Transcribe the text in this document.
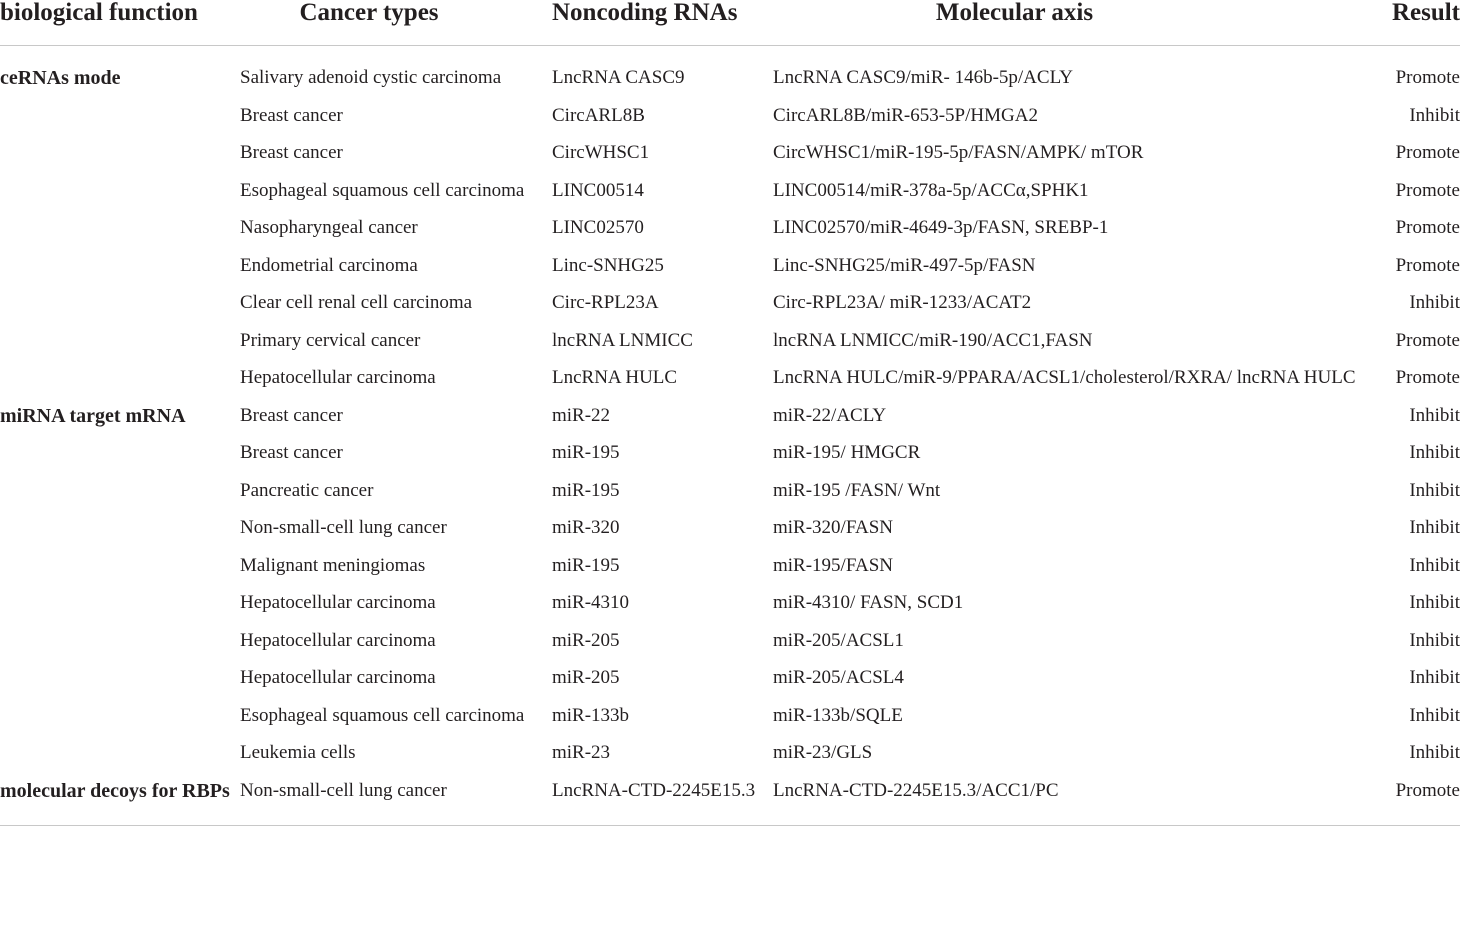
biological function	Cancer types	Noncoding RNAs	Molecular axis	Result
ceRNAs mode	Salivary adenoid cystic carcinoma	LncRNA CASC9	LncRNA CASC9/miR- 146b-5p/ACLY	Promote
	Breast cancer	CircARL8B	CircARL8B/miR-653-5P/HMGA2	Inhibit
	Breast cancer	CircWHSC1	CircWHSC1/miR-195-5p/FASN/AMPK/ mTOR	Promote
	Esophageal squamous cell carcinoma	LINC00514	LINC00514/miR-378a-5p/ACCα,SPHK1	Promote
	Nasopharyngeal cancer	LINC02570	LINC02570/miR-4649-3p/FASN, SREBP-1	Promote
	Endometrial carcinoma	Linc-SNHG25	Linc-SNHG25/miR-497-5p/FASN	Promote
	Clear cell renal cell carcinoma	Circ-RPL23A	Circ-RPL23A/ miR-1233/ACAT2	Inhibit
	Primary cervical cancer	lncRNA LNMICC	lncRNA LNMICC/miR-190/ACC1,FASN	Promote
	Hepatocellular carcinoma	LncRNA HULC	LncRNA HULC/miR-9/PPARA/ACSL1/cholesterol/RXRA/ lncRNA HULC	Promote
miRNA target mRNA	Breast cancer	miR-22	miR-22/ACLY	Inhibit
	Breast cancer	miR-195	miR-195/ HMGCR	Inhibit
	Pancreatic cancer	miR-195	miR-195 /FASN/ Wnt	Inhibit
	Non-small-cell lung cancer	miR-320	miR-320/FASN	Inhibit
	Malignant meningiomas	miR-195	miR-195/FASN	Inhibit
	Hepatocellular carcinoma	miR-4310	miR-4310/ FASN, SCD1	Inhibit
	Hepatocellular carcinoma	miR-205	miR-205/ACSL1	Inhibit
	Hepatocellular carcinoma	miR-205	miR-205/ACSL4	Inhibit
	Esophageal squamous cell carcinoma	miR-133b	miR-133b/SQLE	Inhibit
	Leukemia cells	miR-23	miR-23/GLS	Inhibit
molecular decoys for RBPs	Non-small-cell lung cancer	LncRNA-CTD-2245E15.3	LncRNA-CTD-2245E15.3/ACC1/PC	Promote
